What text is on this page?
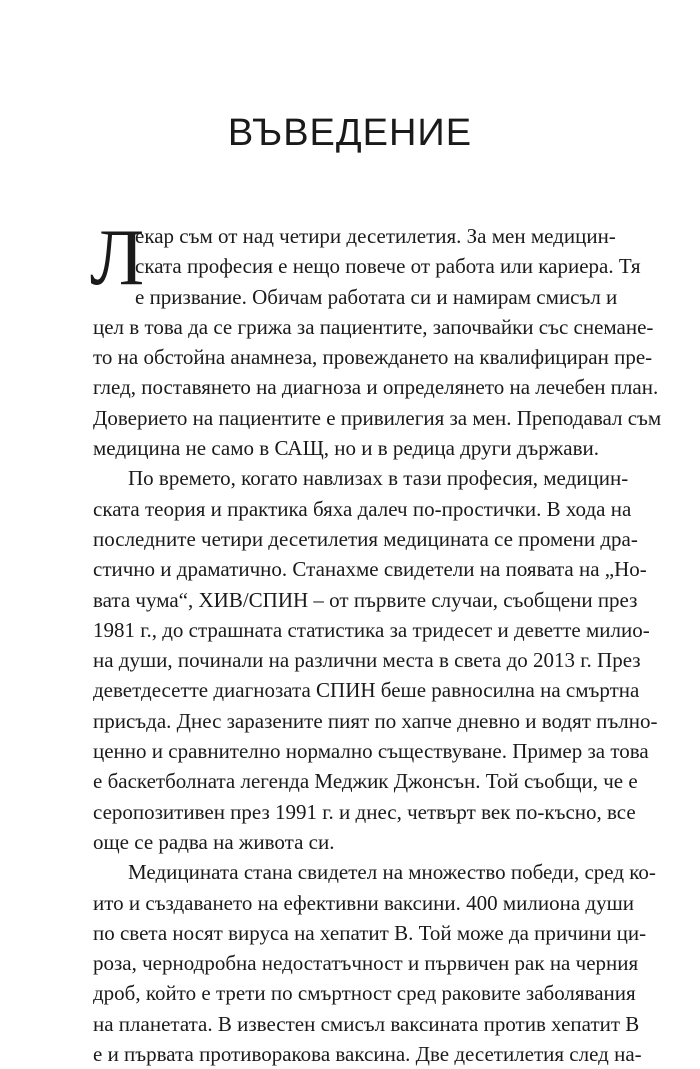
ВЪВЕДЕНИЕ
Л
екар съм от над четири десетилетия. За мен медицин-
ската професия е нещо повече от работа или кариера. Тя
е призвание. Обичам работата си и намирам смисъл и
цел в това да се грижа за пациентите, започвайки със снемане-
то на обстойна анамнеза, провеждането на квалифициран пре-
глед, поставянето на диагноза и определянето на лечебен план.
Доверието на пациентите е привилегия за мен. Преподавал съм
медицина не само в САЩ, но и в редица други държави.
По времето, когато навлизах в тази професия, медицин-
ската теория и практика бяха далеч по-простички. В хода на
последните четири десетилетия медицината се промени дра-
стично и драматично. Станахме свидетели на появата на „Но-
вата чума“, ХИВ/СПИН – от първите случаи, съобщени през
1981 г., до страшната статистика за тридесет и деветте милио-
на души, починали на различни места в света до 2013 г. През
деветдесетте диагнозата СПИН беше равносилна на смъртна
присъда. Днес заразените пият по хапче дневно и водят пълно-
ценно и сравнително нормално съществуване. Пример за това
е баскетболната легенда Меджик Джонсън. Той съобщи, че е
серопозитивен през 1991 г. и днес, четвърт век по-късно, все
още се радва на живота си.
Медицината стана свидетел на множество победи, сред ко-
ито и създаването на ефективни ваксини. 400 милиона души
по света носят вируса на хепатит B. Той може да причини ци-
роза, чернодробна недостатъчност и първичен рак на черния
дроб, който е трети по смъртност сред раковите заболявания
на планетата. В известен смисъл ваксината против хепатит B
е и първата противоракова ваксина. Две десетилетия след на-
